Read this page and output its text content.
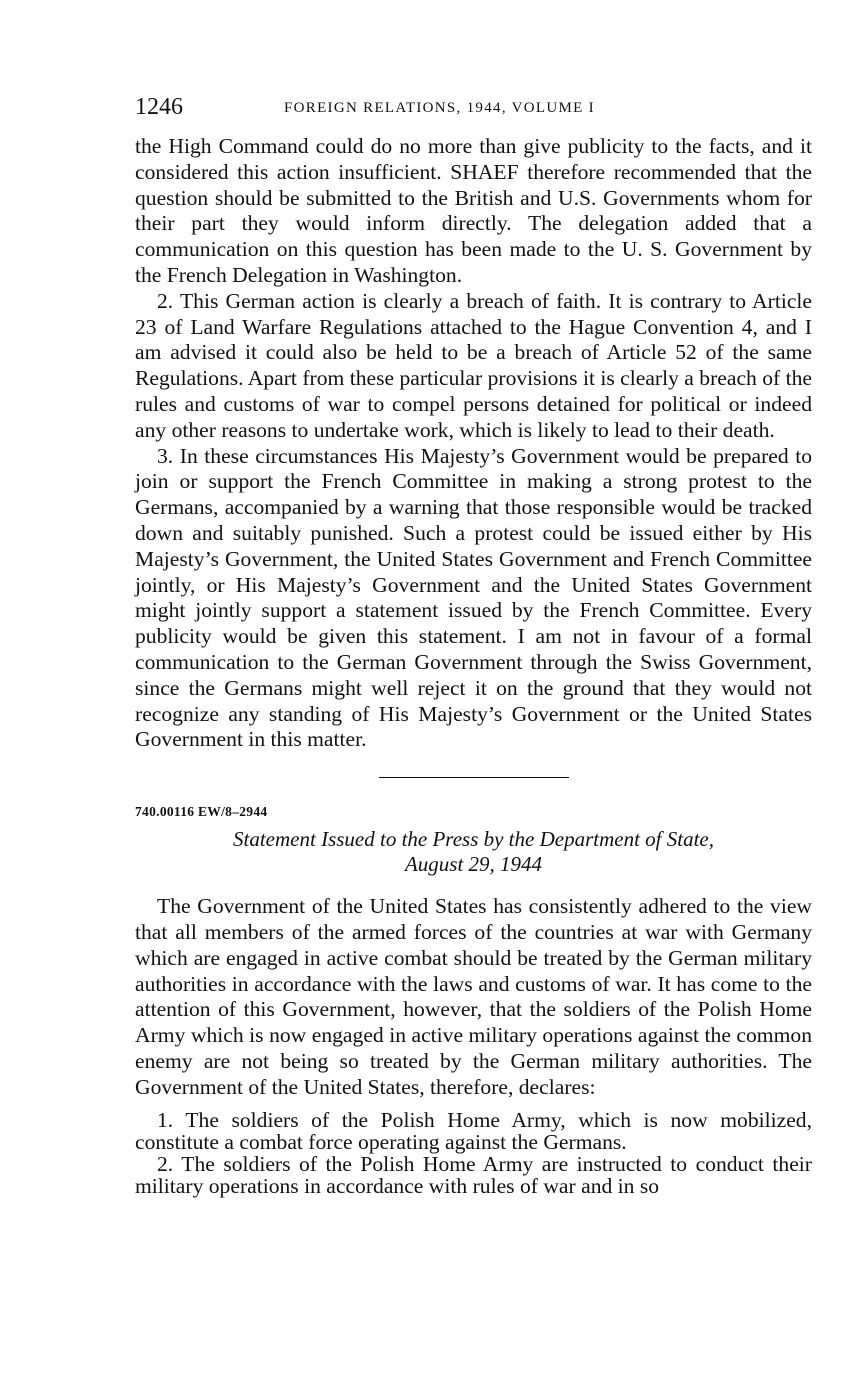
1246	FOREIGN RELATIONS, 1944, VOLUME I

the High Command could do no more than give publicity to the facts, and it considered this action insufficient. SHAEF therefore recommended that the question should be submitted to the British and U.S. Governments whom for their part they would inform directly. The delegation added that a communication on this question has been made to the U. S. Government by the French Delegation in Washington.

2. This German action is clearly a breach of faith. It is contrary to Article 23 of Land Warfare Regulations attached to the Hague Convention 4, and I am advised it could also be held to be a breach of Article 52 of the same Regulations. Apart from these particular provisions it is clearly a breach of the rules and customs of war to compel persons detained for political or indeed any other reasons to undertake work, which is likely to lead to their death.

3. In these circumstances His Majesty’s Government would be prepared to join or support the French Committee in making a strong protest to the Germans, accompanied by a warning that those responsible would be tracked down and suitably punished. Such a protest could be issued either by His Majesty’s Government, the United States Government and French Committee jointly, or His Majesty’s Government and the United States Government might jointly support a statement issued by the French Committee. Every publicity would be given this statement. I am not in favour of a formal communication to the German Government through the Swiss Government, since the Germans might well reject it on the ground that they would not recognize any standing of His Majesty’s Government or the United States Government in this matter.

740.00116 EW/8–2944
Statement Issued to the Press by the Department of State,
August 29, 1944

The Government of the United States has consistently adhered to the view that all members of the armed forces of the countries at war with Germany which are engaged in active combat should be treated by the German military authorities in accordance with the laws and customs of war. It has come to the attention of this Government, however, that the soldiers of the Polish Home Army which is now engaged in active military operations against the common enemy are not being so treated by the German military authorities. The Government of the United States, therefore, declares:

1. The soldiers of the Polish Home Army, which is now mobilized, constitute a combat force operating against the Germans.

2. The soldiers of the Polish Home Army are instructed to conduct their military operations in accordance with rules of war and in so
